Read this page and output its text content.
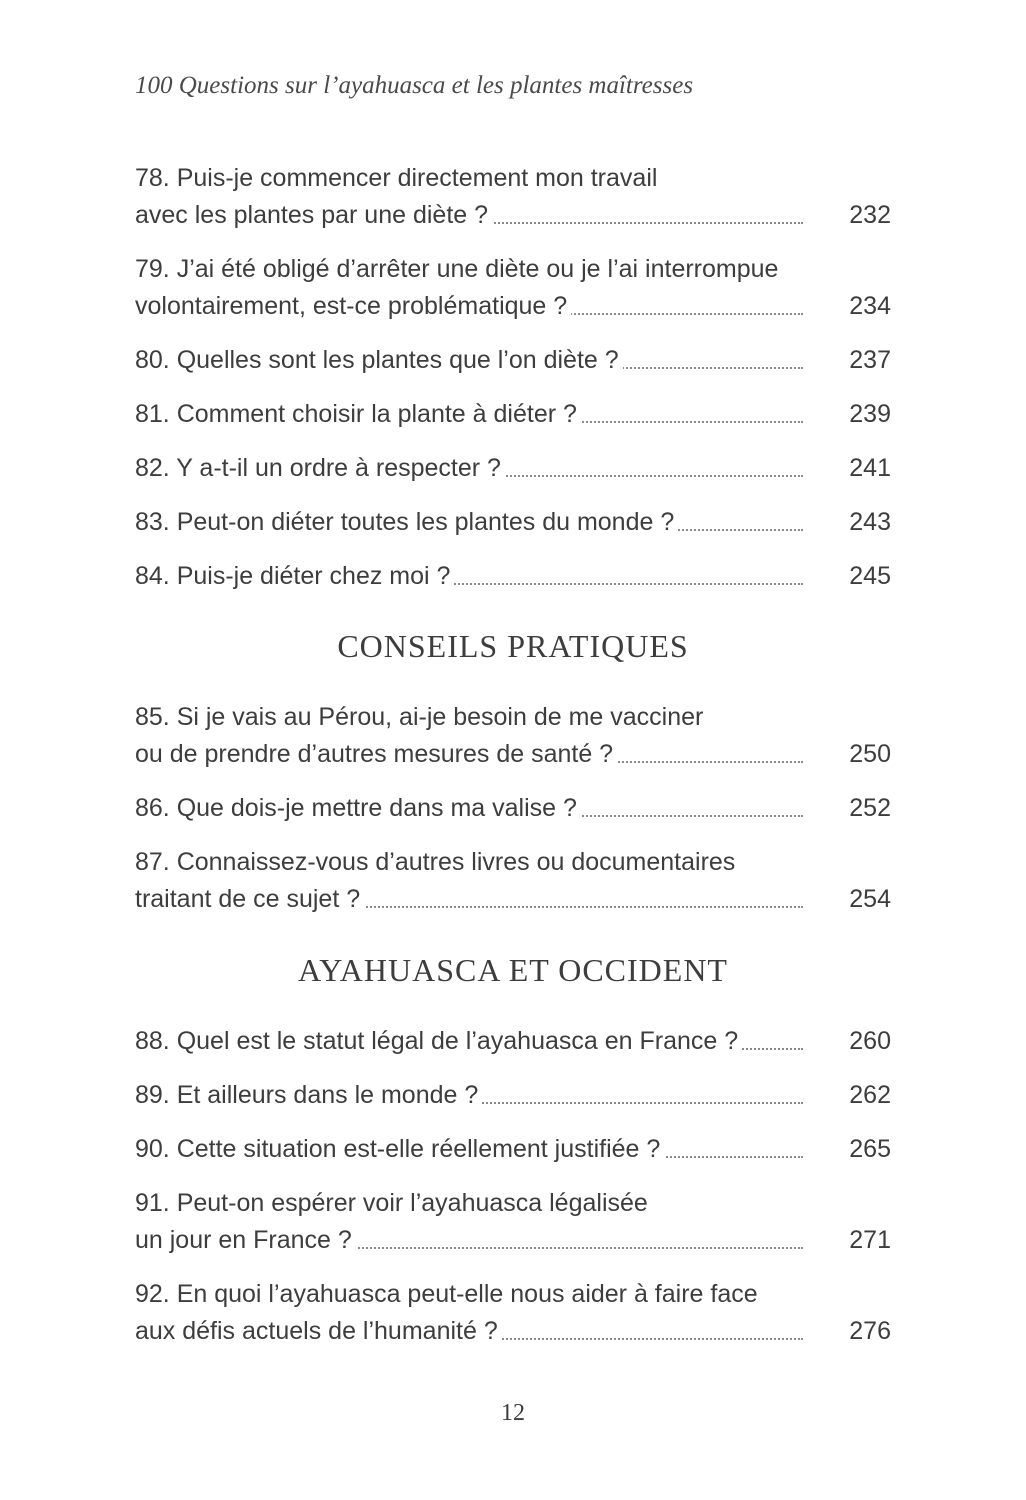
100 Questions sur l’ayahuasca et les plantes maîtresses
78. Puis-je commencer directement mon travail
avec les plantes par une diète ?	232
79. J’ai été obligé d’arrêter une diète ou je l’ai interrompue
volontairement, est-ce problématique ?	234
80. Quelles sont les plantes que l’on diète ?	237
81. Comment choisir la plante à diéter ?	239
82. Y a-t-il un ordre à respecter ?	241
83. Peut-on diéter toutes les plantes du monde ?	243
84. Puis-je diéter chez moi ?	245
CONSEILS PRATIQUES
85. Si je vais au Pérou, ai-je besoin de me vacciner
ou de prendre d’autres mesures de santé ?	250
86. Que dois-je mettre dans ma valise ?	252
87. Connaissez-vous d’autres livres ou documentaires
traitant de ce sujet ?	254
AYAHUASCA ET OCCIDENT
88. Quel est le statut légal de l’ayahuasca en France ?	260
89. Et ailleurs dans le monde ?	262
90. Cette situation est-elle réellement justifiée ?	265
91. Peut-on espérer voir l’ayahuasca légalisée
un jour en France ?	271
92. En quoi l’ayahuasca peut-elle nous aider à faire face
aux défis actuels de l’humanité ?	276
12
